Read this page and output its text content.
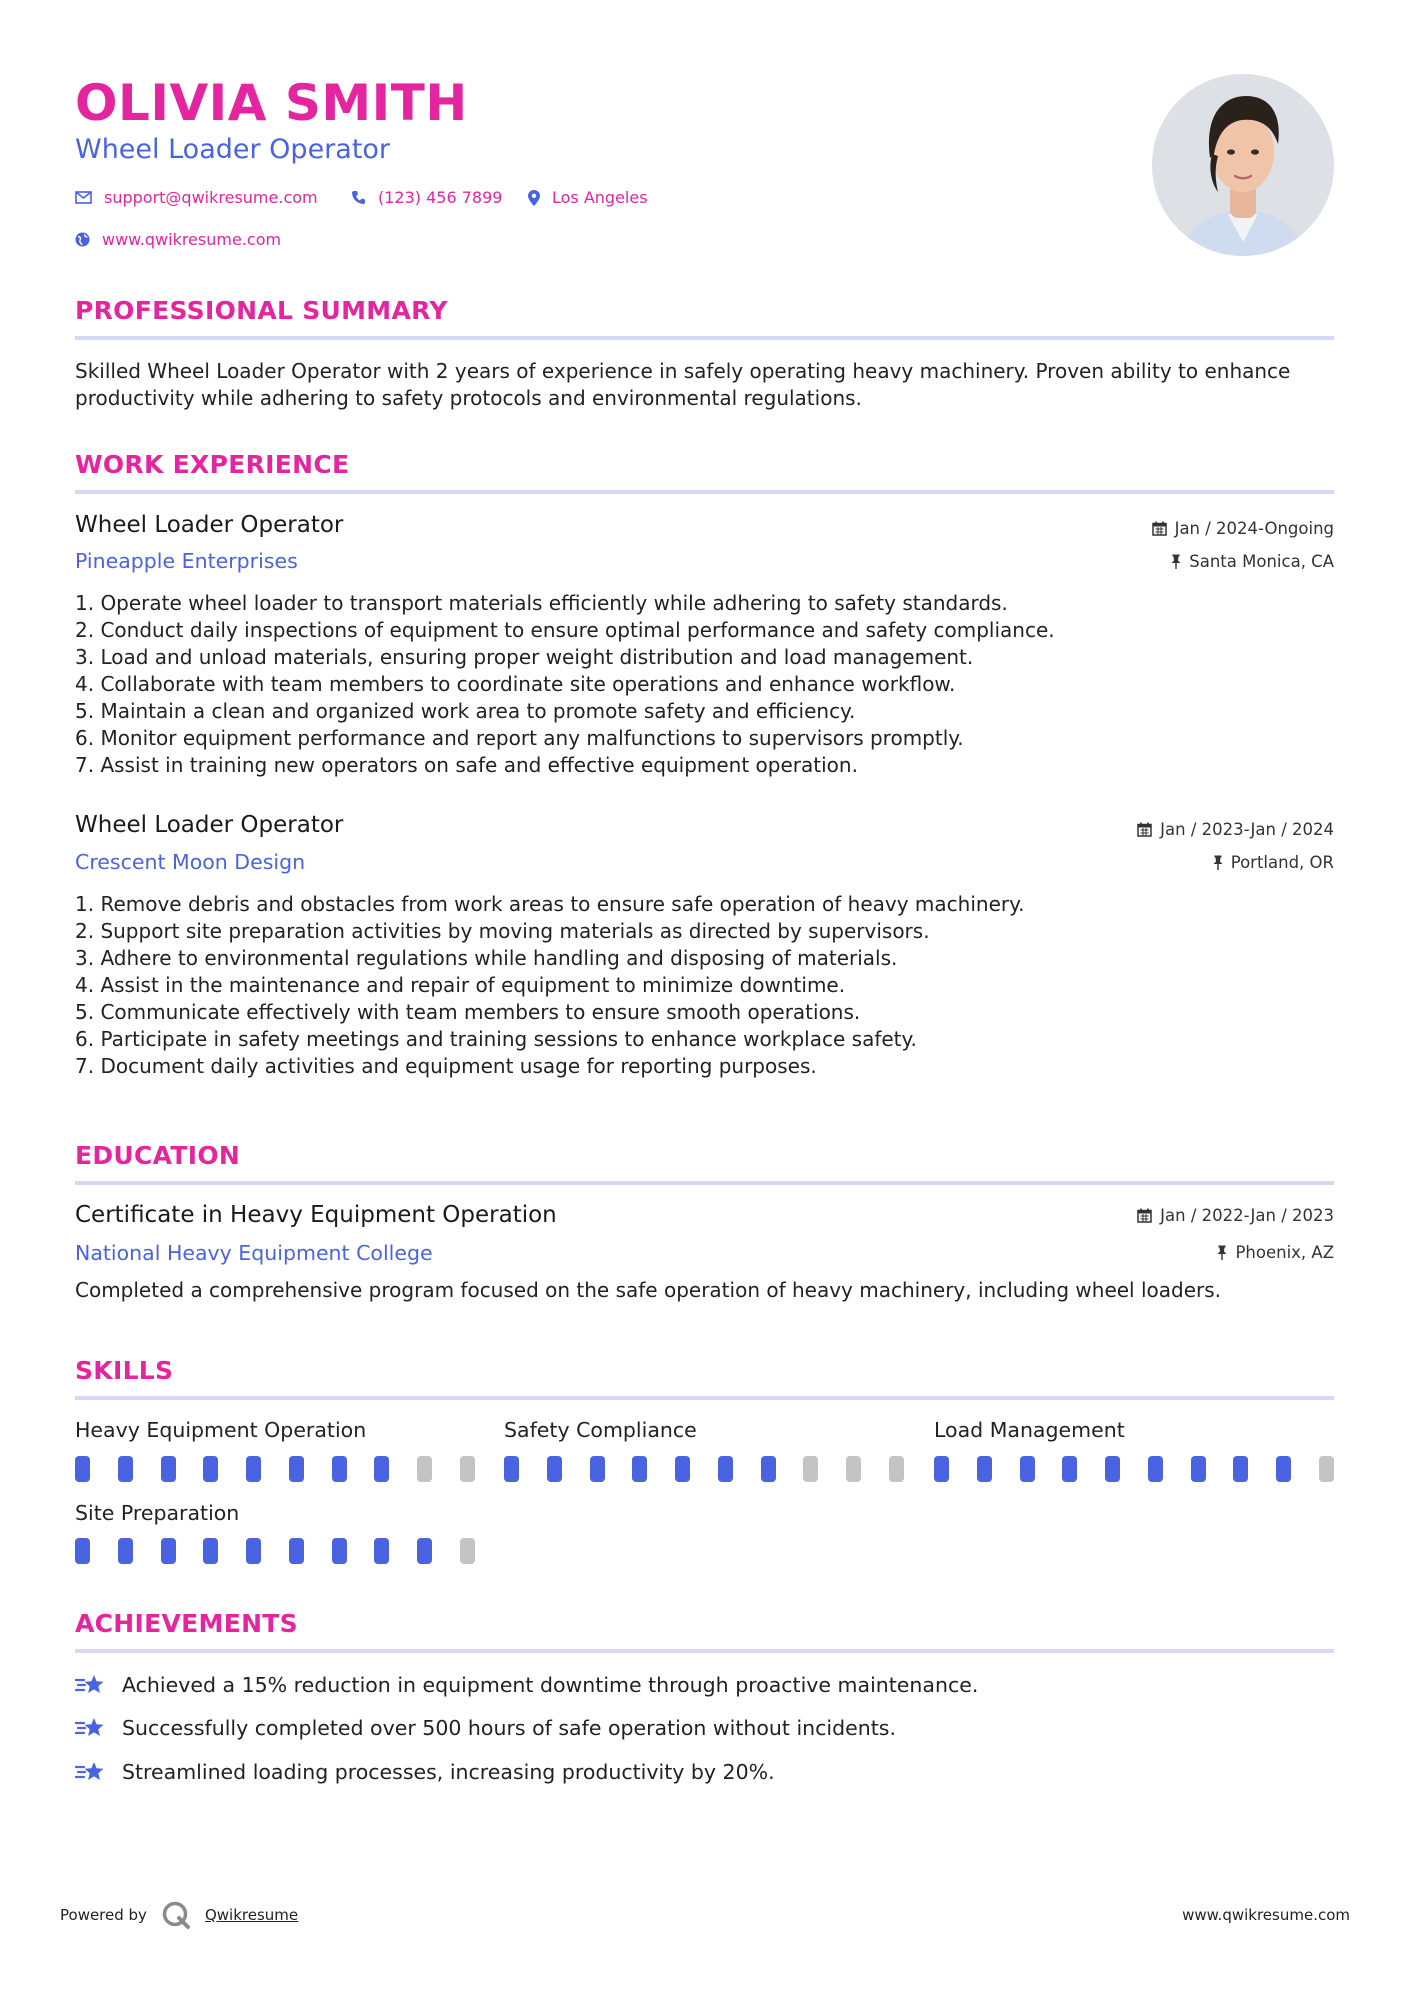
OLIVIA SMITH
Wheel Loader Operator
support@qwikresume.com	(123) 456 7899	Los Angeles
www.qwikresume.com
PROFESSIONAL SUMMARY
Skilled Wheel Loader Operator with 2 years of experience in safely operating heavy machinery. Proven ability to enhance productivity while adhering to safety protocols and environmental regulations.
WORK EXPERIENCE
Wheel Loader Operator	Jan / 2024-Ongoing
Pineapple Enterprises	Santa Monica, CA
1. Operate wheel loader to transport materials efficiently while adhering to safety standards.
2. Conduct daily inspections of equipment to ensure optimal performance and safety compliance.
3. Load and unload materials, ensuring proper weight distribution and load management.
4. Collaborate with team members to coordinate site operations and enhance workflow.
5. Maintain a clean and organized work area to promote safety and efficiency.
6. Monitor equipment performance and report any malfunctions to supervisors promptly.
7. Assist in training new operators on safe and effective equipment operation.
Wheel Loader Operator	Jan / 2023-Jan / 2024
Crescent Moon Design	Portland, OR
1. Remove debris and obstacles from work areas to ensure safe operation of heavy machinery.
2. Support site preparation activities by moving materials as directed by supervisors.
3. Adhere to environmental regulations while handling and disposing of materials.
4. Assist in the maintenance and repair of equipment to minimize downtime.
5. Communicate effectively with team members to ensure smooth operations.
6. Participate in safety meetings and training sessions to enhance workplace safety.
7. Document daily activities and equipment usage for reporting purposes.
EDUCATION
Certificate in Heavy Equipment Operation	Jan / 2022-Jan / 2023
National Heavy Equipment College	Phoenix, AZ
Completed a comprehensive program focused on the safe operation of heavy machinery, including wheel loaders.
SKILLS
Heavy Equipment Operation	Safety Compliance	Load Management
Site Preparation
ACHIEVEMENTS
Achieved a 15% reduction in equipment downtime through proactive maintenance.
Successfully completed over 500 hours of safe operation without incidents.
Streamlined loading processes, increasing productivity by 20%.
Powered by	Qwikresume	www.qwikresume.com
